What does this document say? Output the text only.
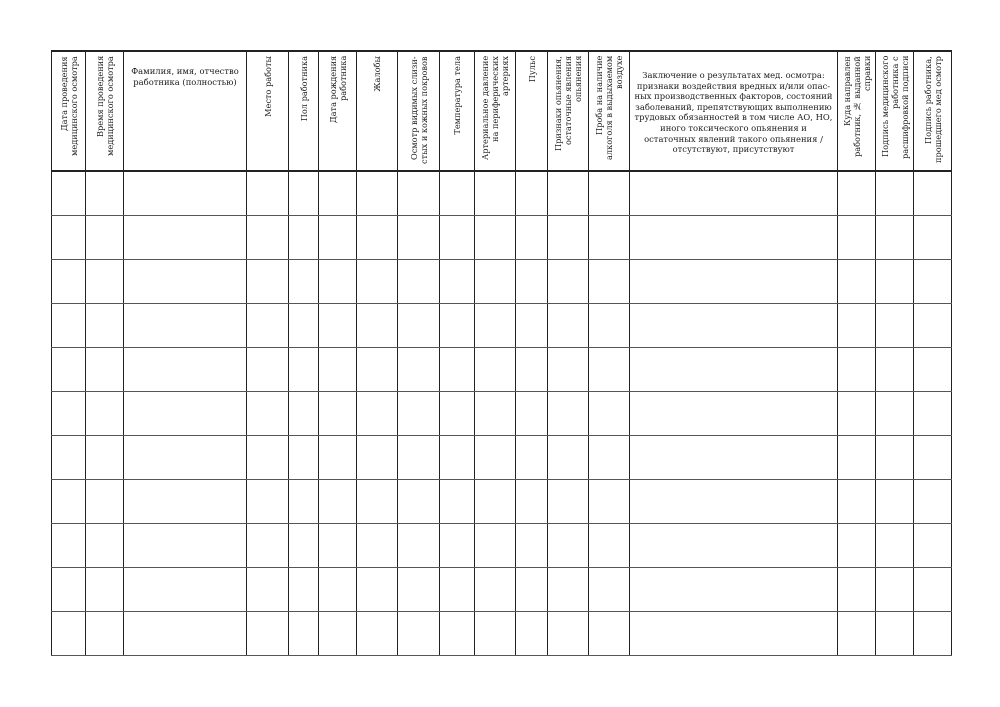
Дата проведения медицинского осмотра	Время проведения медицинского осмотра	Фамилия, имя, отчество работника (полностью)	Место работы	Пол работника	Дата рождения работника	Жалобы	Осмотр видимых слизи- стых и кожных покровов	Температура тела	Артериальное давление на периферических артериях	Пульс	Признаки опьянения, остаточные явления опьянения	Проба на наличие алкоголя в выдыхаемом воздухе	Заключение о результатах мед. осмотра: признаки воздействия вредных и/или опас- ных производственных факторов, состояний заболеваний, препятствующих выполнению трудовых обязанностей в том числе АО, НО, иного токсического опьянения и остаточных явлений такого опьянения / отсутствуют, присутствуют	Куда направлен работник, № выданной справки	Подпись медицинского работника с расшифровкой подписи	Подпись работника, прошедшего мед осмотр
